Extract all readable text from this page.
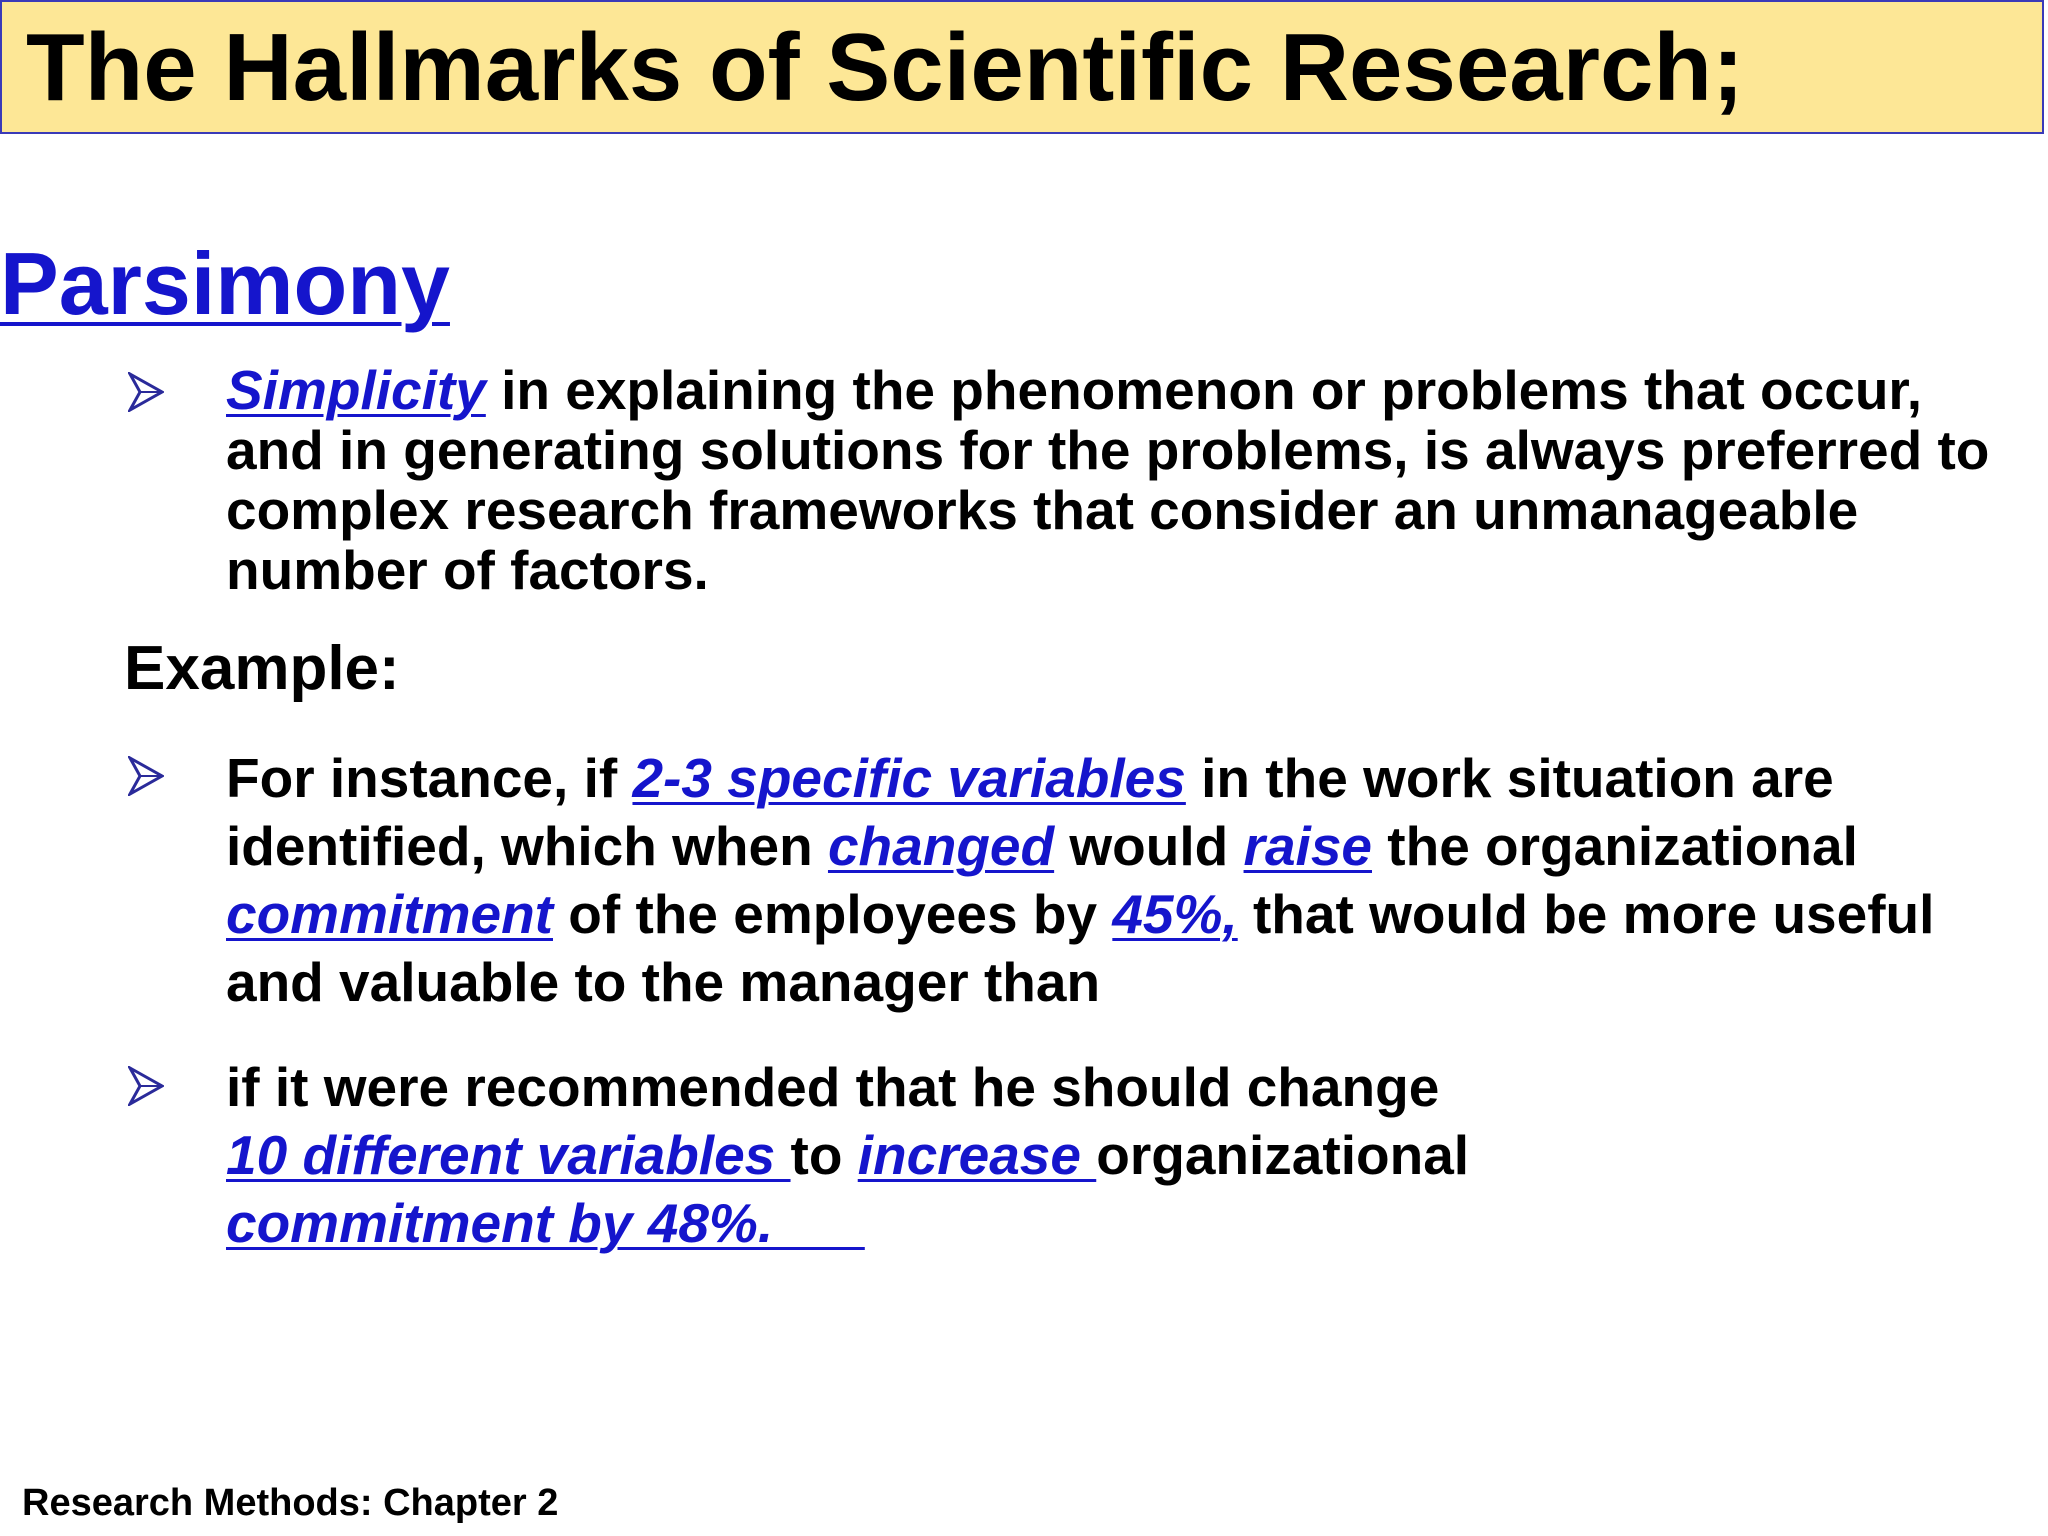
The Hallmarks of Scientific Research;
Parsimony
Simplicity in explaining the phenomenon or problems that occur, and in generating solutions for the problems, is always preferred to complex research frameworks that consider an unmanageable number of factors.
Example:
For instance, if 2-3 specific variables in the work situation are identified, which when changed would raise the organizational commitment of the employees by 45%, that would be more useful and valuable to the manager than
if it were recommended that he should change 10 different variables to increase organizational commitment by 48%.
Research Methods: Chapter 2
